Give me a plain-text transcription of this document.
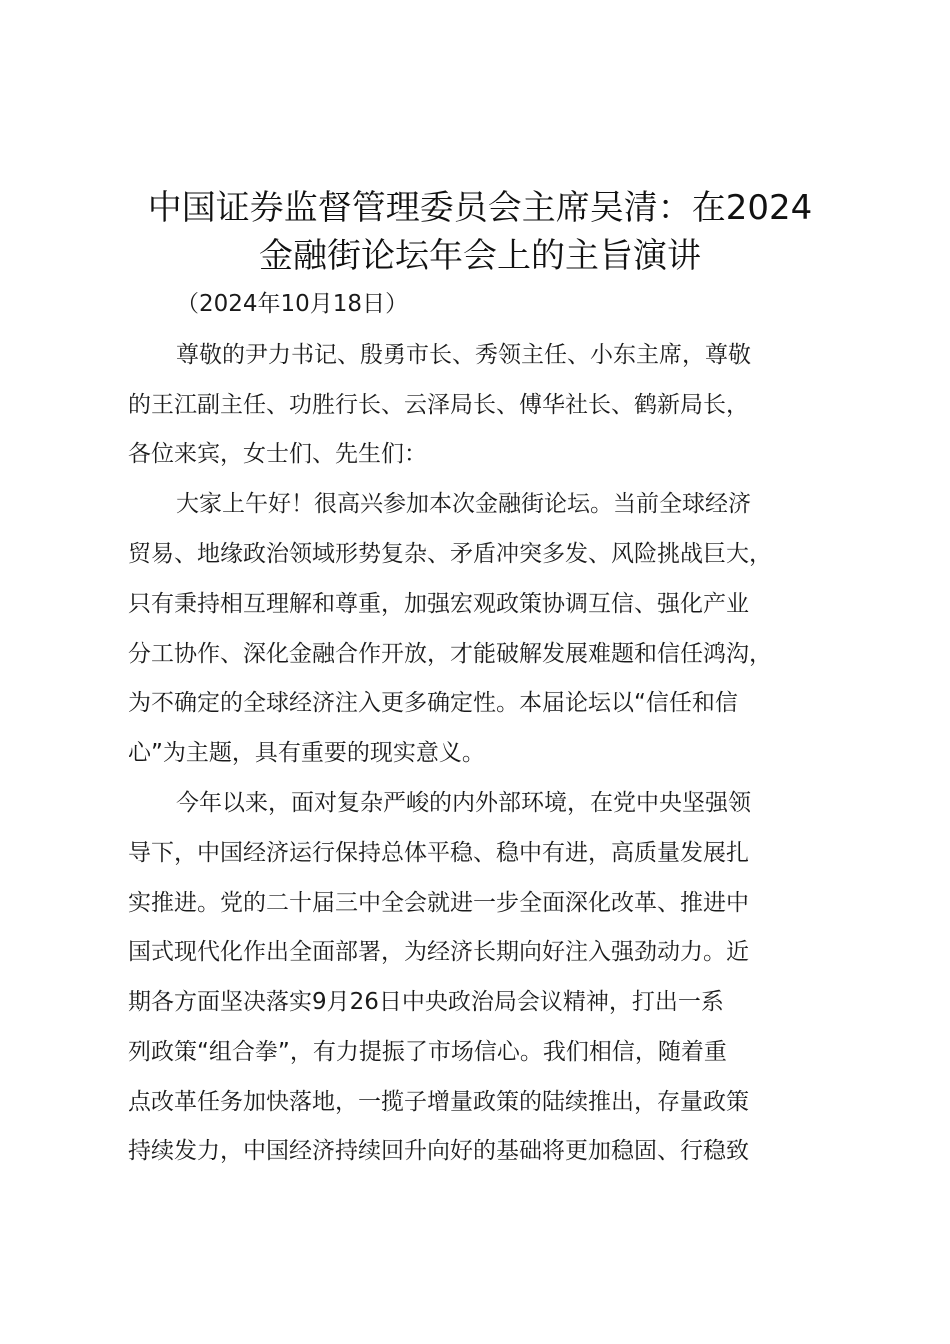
中国证券监督管理委员会主席吴清：在2024
金融街论坛年会上的主旨演讲
（2024年10月18日）
尊敬的尹力书记、殷勇市长、秀领主任、小东主席，尊敬
的王江副主任、功胜行长、云泽局长、傅华社长、鹤新局长，
各位来宾，女士们、先生们：
大家上午好！很高兴参加本次金融街论坛。当前全球经济
贸易、地缘政治领域形势复杂、矛盾冲突多发、风险挑战巨大，
只有秉持相互理解和尊重，加强宏观政策协调互信、强化产业
分工协作、深化金融合作开放，才能破解发展难题和信任鸿沟，
为不确定的全球经济注入更多确定性。本届论坛以“信任和信
心”为主题，具有重要的现实意义。
今年以来，面对复杂严峻的内外部环境，在党中央坚强领
导下，中国经济运行保持总体平稳、稳中有进，高质量发展扎
实推进。党的二十届三中全会就进一步全面深化改革、推进中
国式现代化作出全面部署，为经济长期向好注入强劲动力。近
期各方面坚决落实9月26日中央政治局会议精神，打出一系
列政策“组合拳”，有力提振了市场信心。我们相信，随着重
点改革任务加快落地，一揽子增量政策的陆续推出，存量政策
持续发力，中国经济持续回升向好的基础将更加稳固、行稳致
